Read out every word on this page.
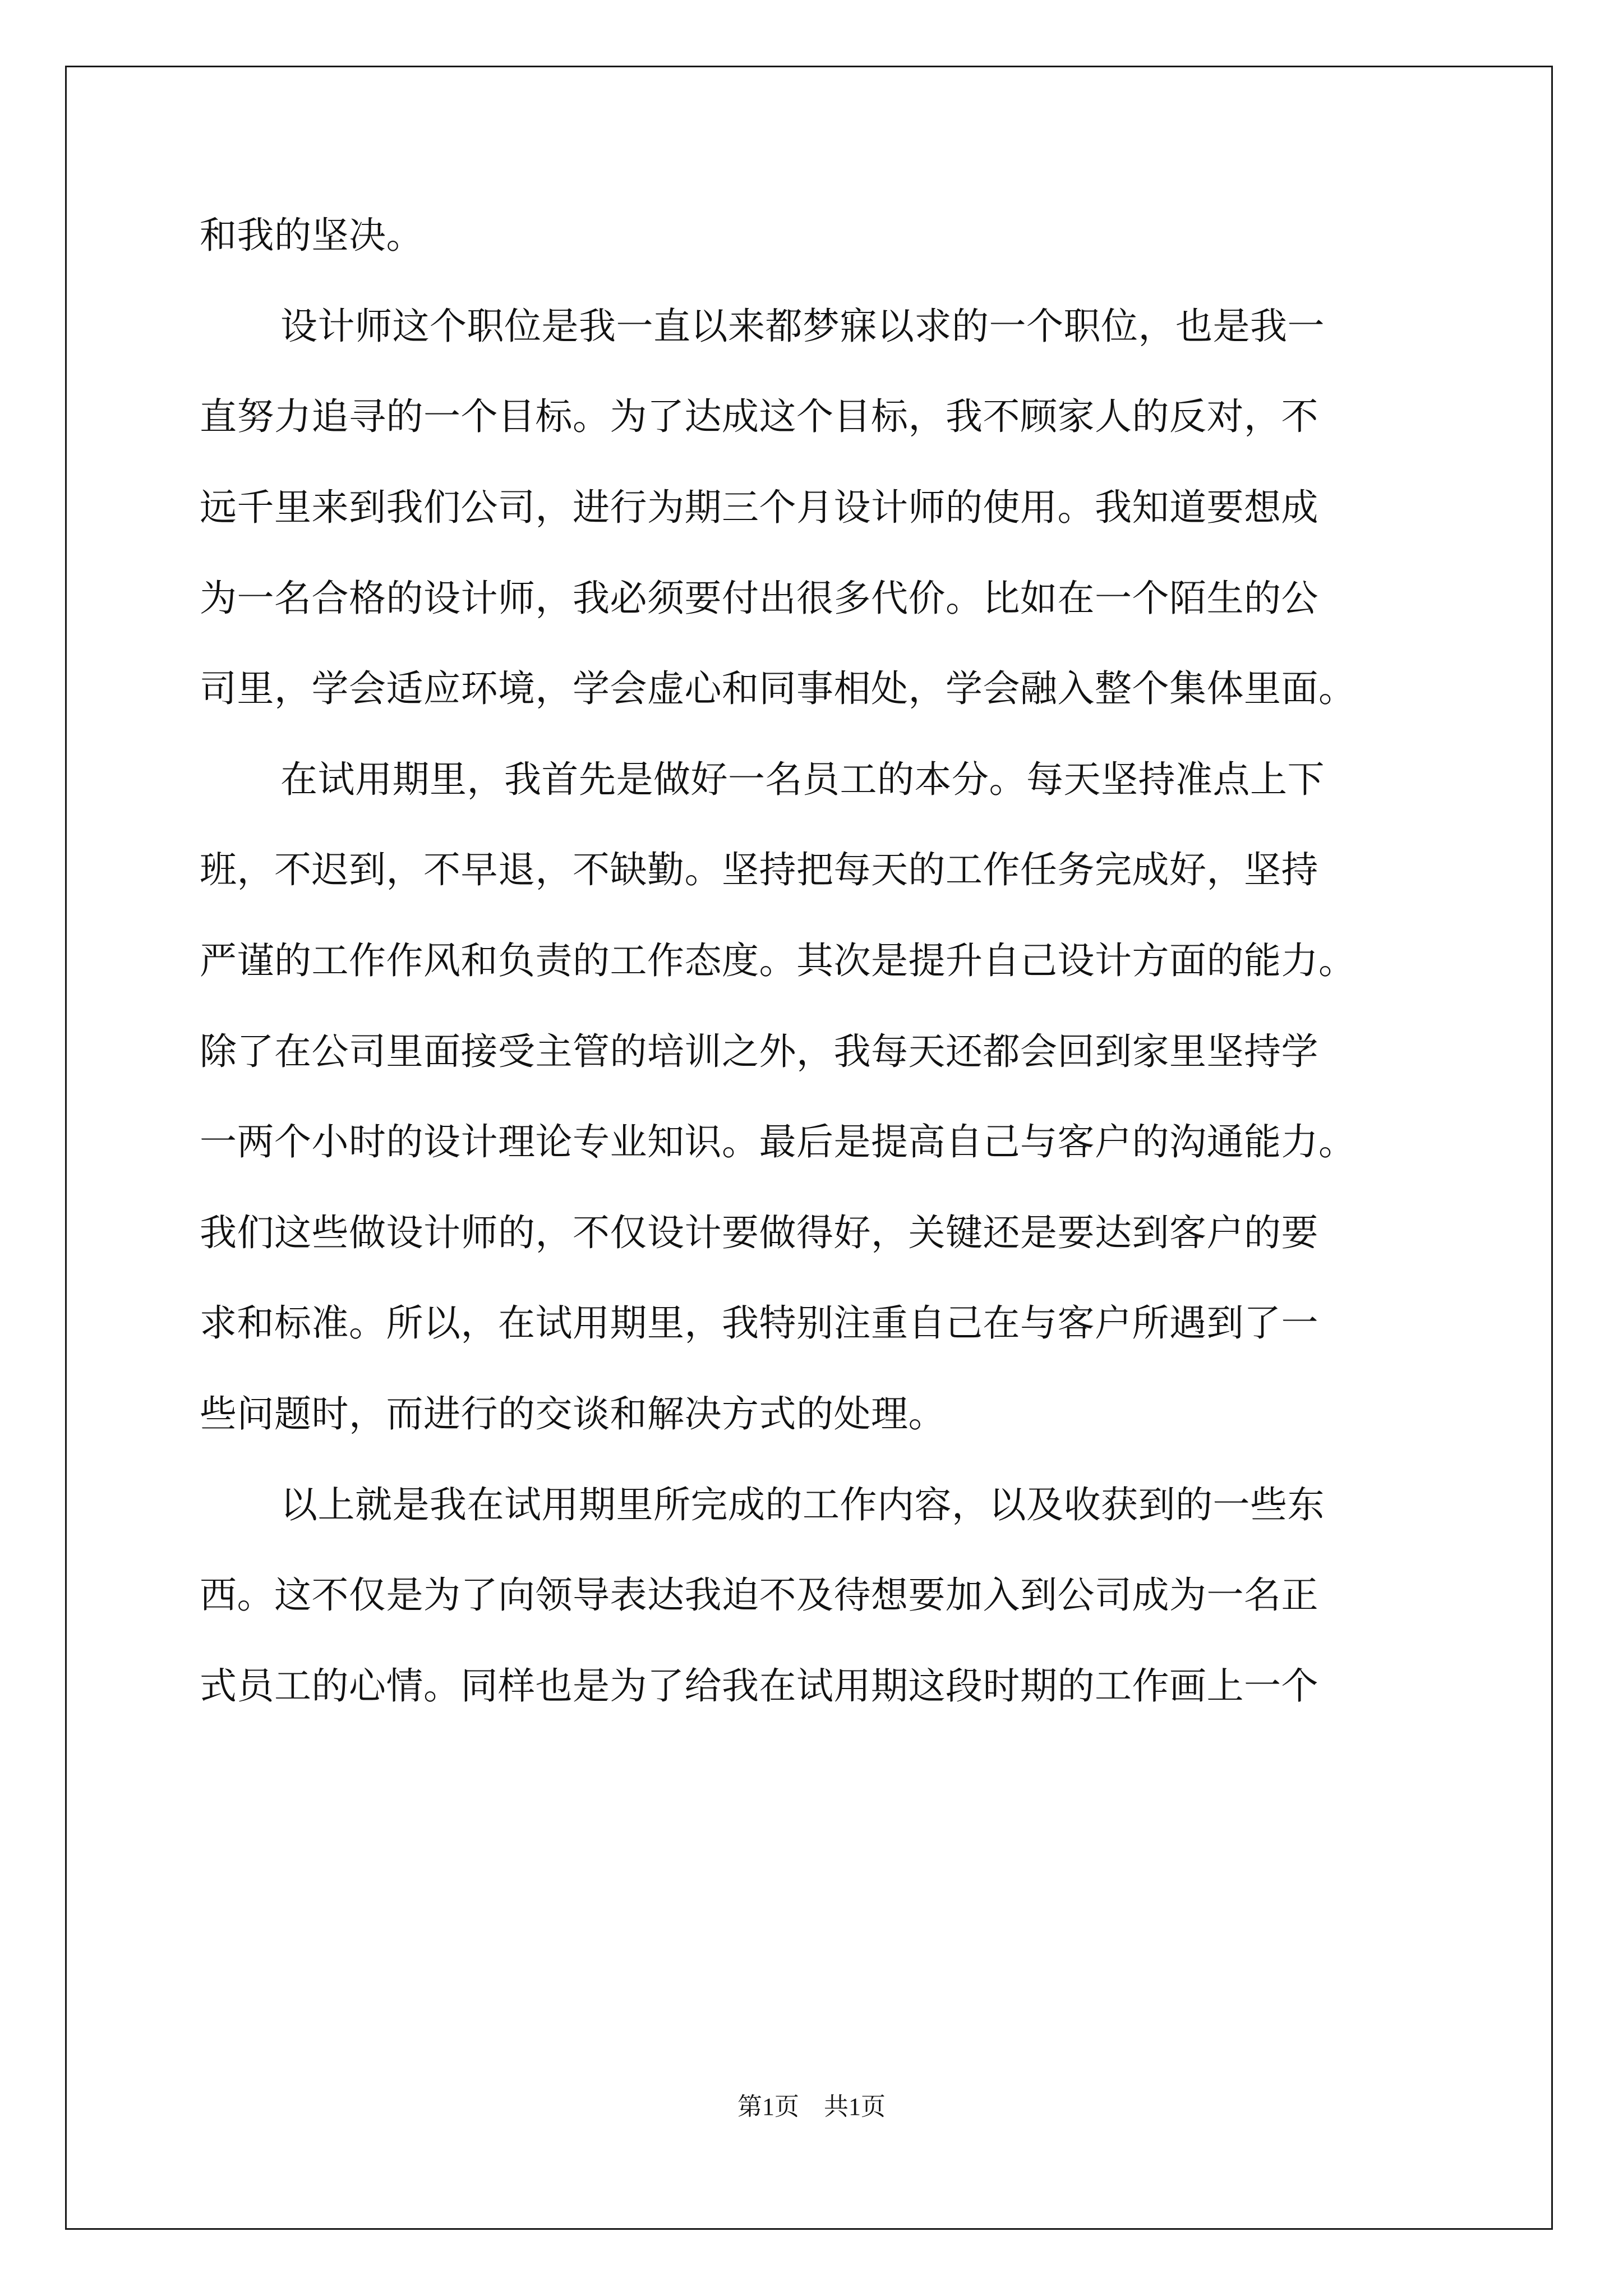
和我的坚决。
设计师这个职位是我一直以来都梦寐以求的一个职位，也是我一
直努力追寻的一个目标。为了达成这个目标，我不顾家人的反对，不
远千里来到我们公司，进行为期三个月设计师的使用。我知道要想成
为一名合格的设计师，我必须要付出很多代价。比如在一个陌生的公
司里，学会适应环境，学会虚心和同事相处，学会融入整个集体里面。
在试用期里，我首先是做好一名员工的本分。每天坚持准点上下
班，不迟到，不早退，不缺勤。坚持把每天的工作任务完成好，坚持
严谨的工作作风和负责的工作态度。其次是提升自己设计方面的能力。
除了在公司里面接受主管的培训之外，我每天还都会回到家里坚持学
一两个小时的设计理论专业知识。最后是提高自己与客户的沟通能力。
我们这些做设计师的，不仅设计要做得好，关键还是要达到客户的要
求和标准。所以，在试用期里，我特别注重自己在与客户所遇到了一
些问题时，而进行的交谈和解决方式的处理。
以上就是我在试用期里所完成的工作内容，以及收获到的一些东
西。这不仅是为了向领导表达我迫不及待想要加入到公司成为一名正
式员工的心情。同样也是为了给我在试用期这段时期的工作画上一个
第1页 共1页
